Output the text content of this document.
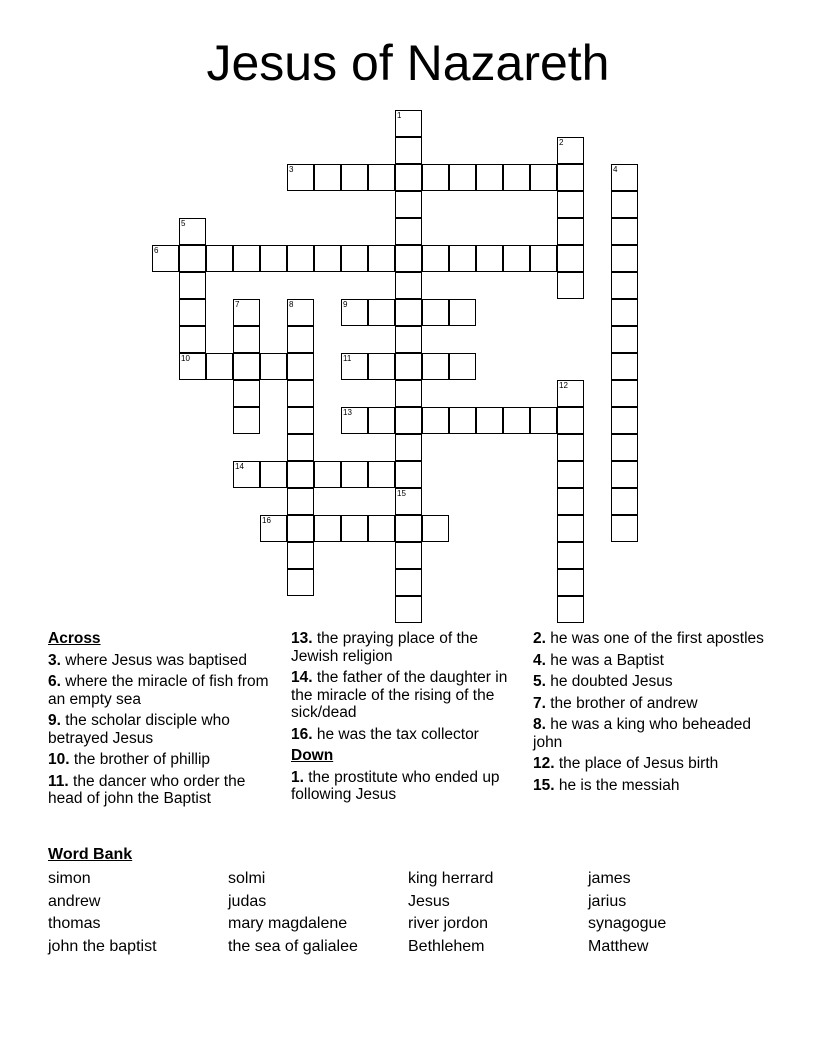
Jesus of Nazareth
3
6
9
10	11
13
14
16
1
2
4
5
7	8
12
15

Across

3. where Jesus was baptised

6. where the miracle of fish from an empty sea

9. the scholar disciple who betrayed Jesus

10. the brother of phillip

11. the dancer who order the head of john the Baptist

13. the praying place of the Jewish religion

14. the father of the daughter in the miracle of the rising of the sick/dead

16. he was the tax collector

Down

1. the prostitute who ended up following Jesus

2. he was one of the first apostles

4. he was a Baptist

5. he doubted Jesus

7. the brother of andrew

8. he was a king who beheaded john

12. the place of Jesus birth

15. he is the messiah

Word Bank
simon
andrew
thomas
john the baptist
solmi
judas
mary magdalene
the sea of galialee
king herrard
Jesus
river jordon
Bethlehem
james
jarius
synagogue
Matthew
